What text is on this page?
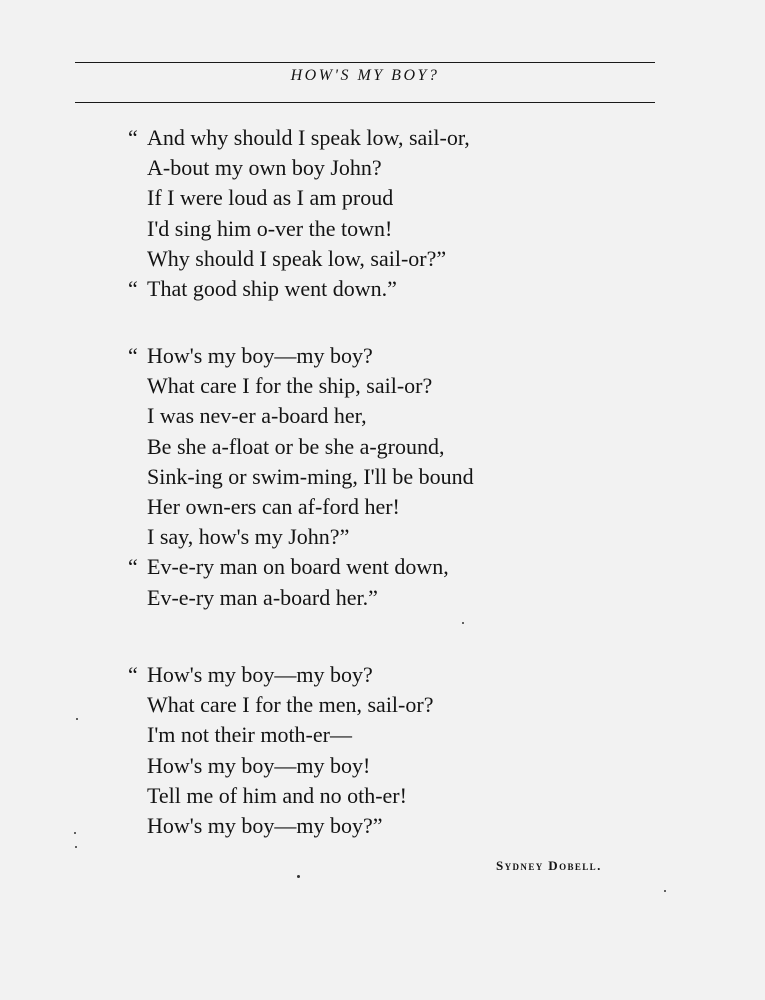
HOW'S MY BOY?
“ And why should I speak low, sail-or,
A-bout my own boy John?
If I were loud as I am proud
I'd sing him o-ver the town!
Why should I speak low, sail-or?”
“ That good ship went down.”
“ How's my boy—my boy?
What care I for the ship, sail-or?
I was nev-er a-board her,
Be she a-float or be she a-ground,
Sink-ing or swim-ming, I'll be bound
Her own-ers can af-ford her!
I say, how's my John?”
“ Ev-e-ry man on board went down,
Ev-e-ry man a-board her.”
“ How's my boy—my boy?
What care I for the men, sail-or?
I'm not their moth-er—
How's my boy—my boy!
Tell me of him and no oth-er!
How's my boy—my boy?”
Sydney Dobell.
